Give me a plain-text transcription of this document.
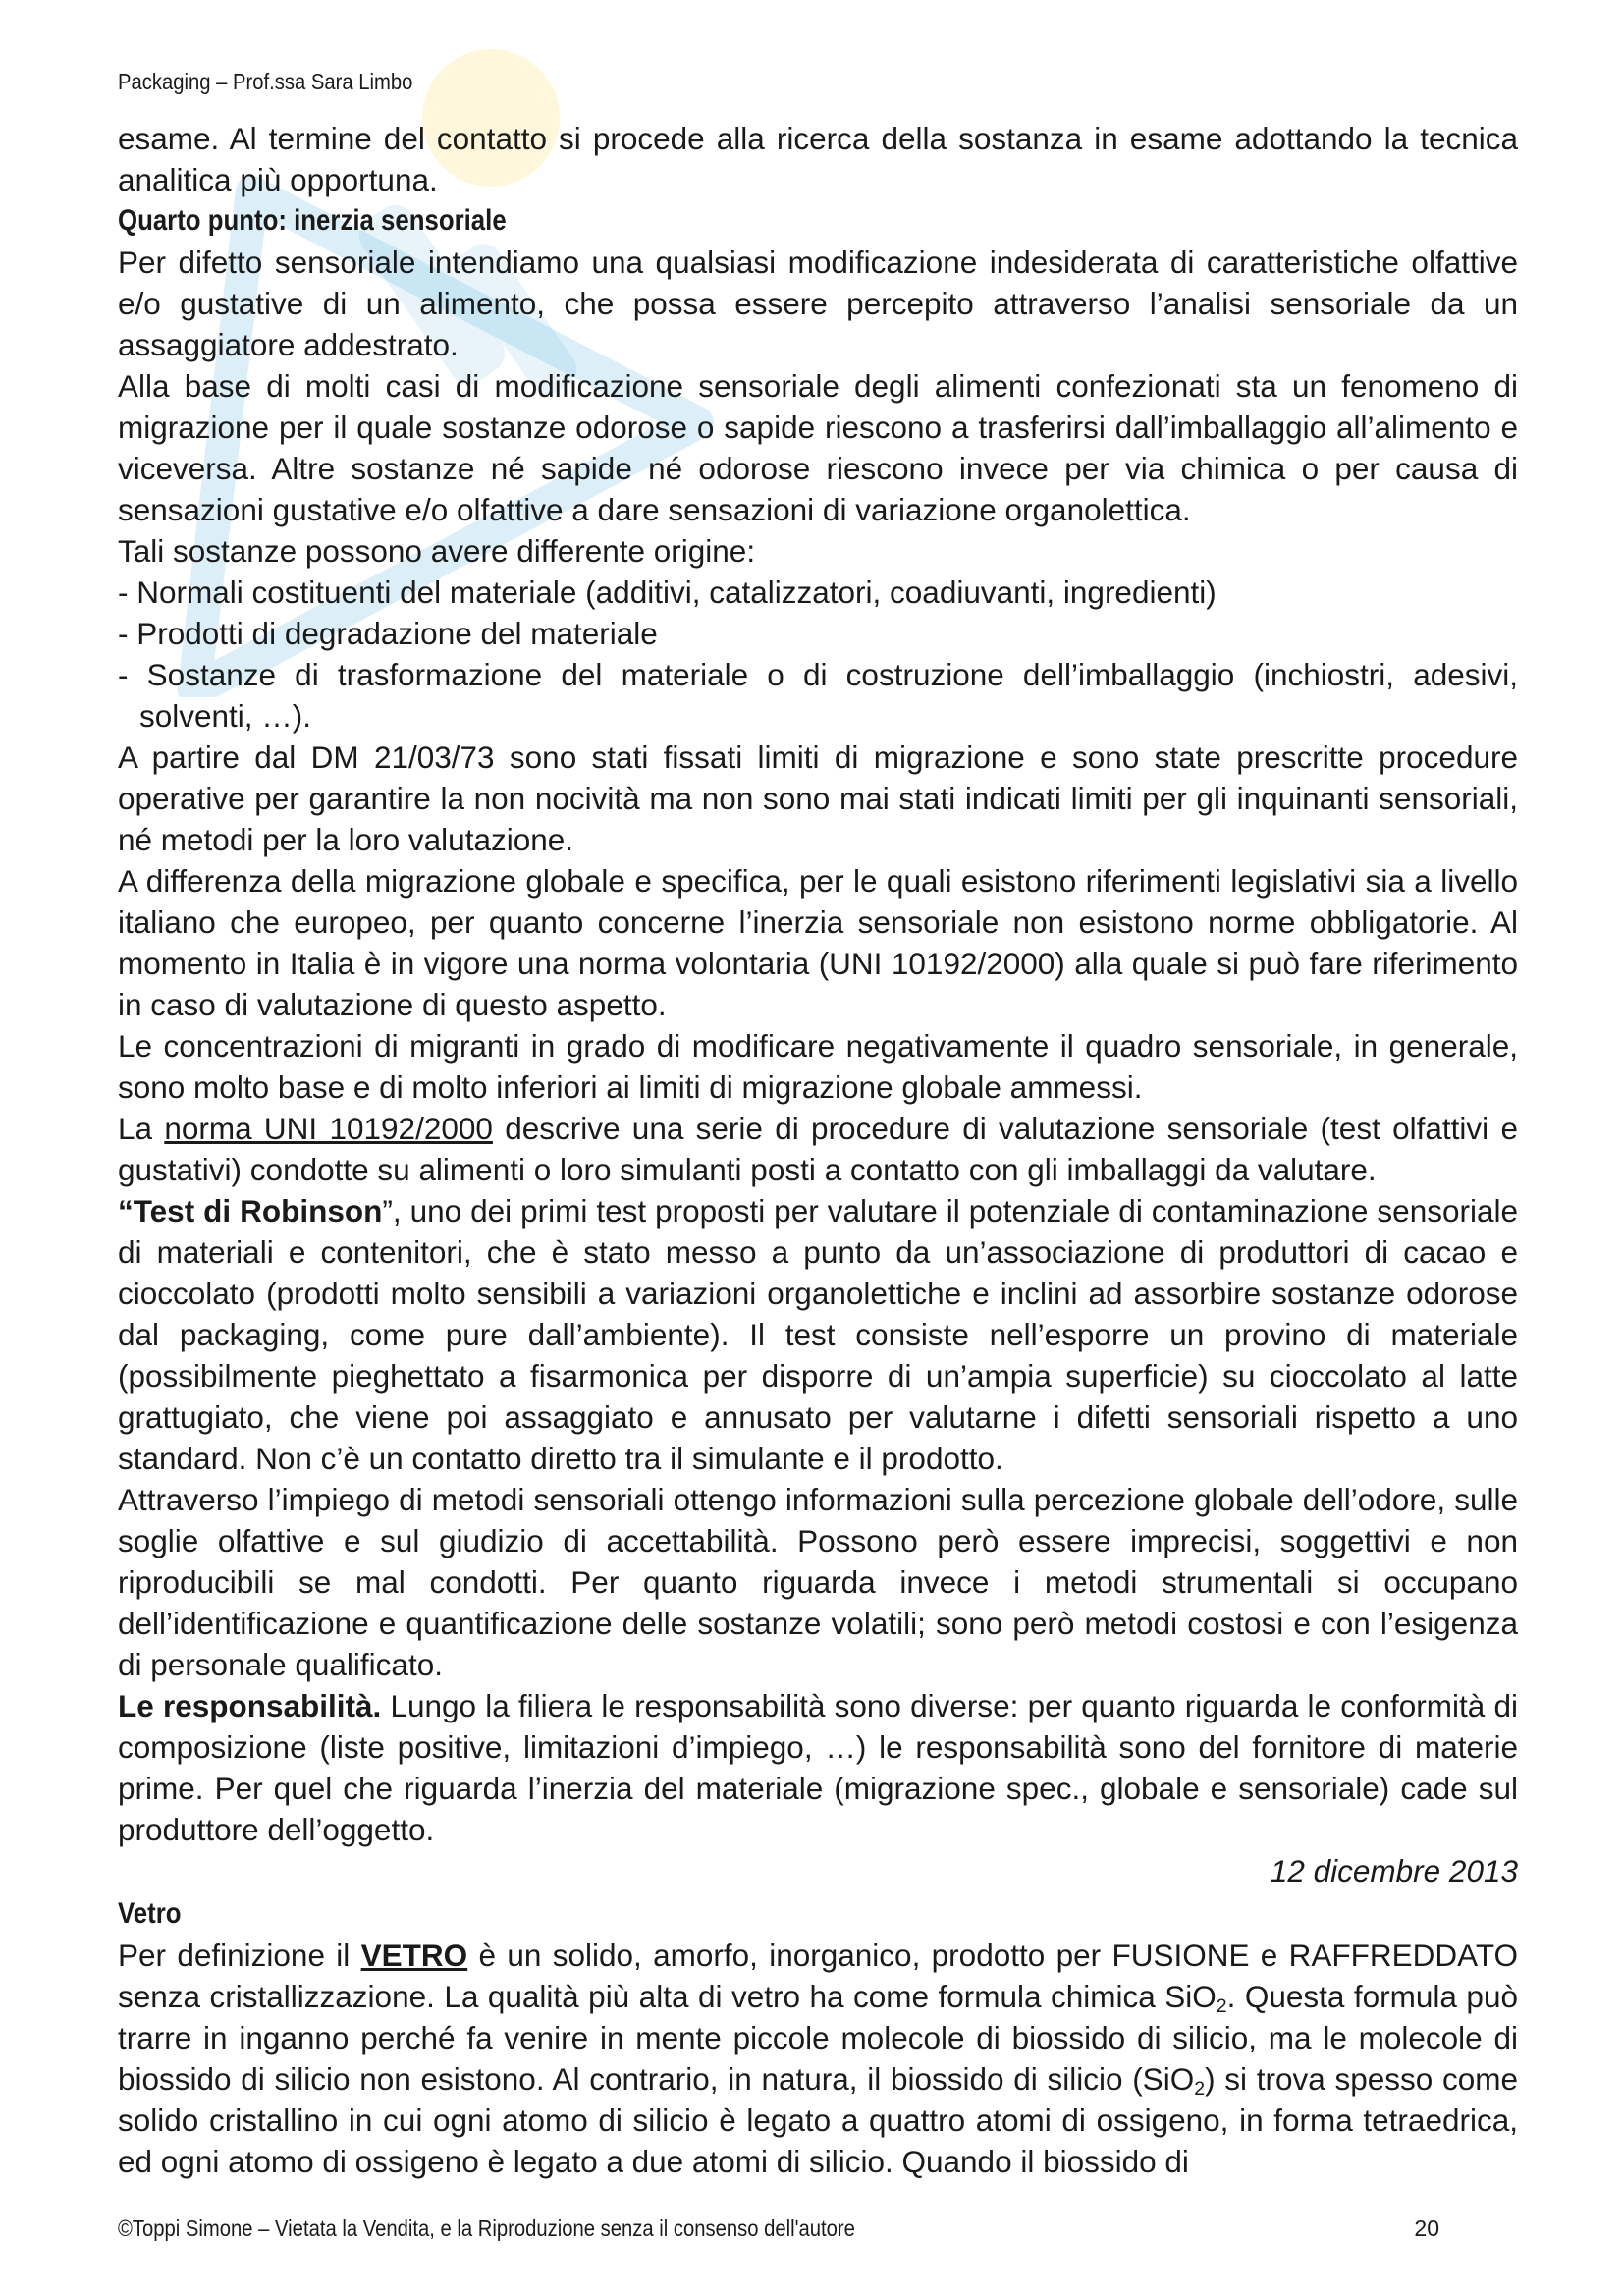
Packaging – Prof.ssa Sara Limbo

esame. Al termine del contatto si procede alla ricerca della sostanza in esame adottando la tecnica analitica più opportuna.

Quarto punto: inerzia sensoriale

Per difetto sensoriale intendiamo una qualsiasi modificazione indesiderata di caratteristiche olfattive e/o gustative di un alimento, che possa essere percepito attraverso l’analisi sensoriale da un assaggiatore addestrato.

Alla base di molti casi di modificazione sensoriale degli alimenti confezionati sta un fenomeno di migrazione per il quale sostanze odorose o sapide riescono a trasferirsi dall’imballaggio all’alimento e viceversa. Altre sostanze né sapide né odorose riescono invece per via chimica o per causa di sensazioni gustative e/o olfattive a dare sensazioni di variazione organolettica.

Tali sostanze possono avere differente origine:

- Normali costituenti del materiale (additivi, catalizzatori, coadiuvanti, ingredienti)

- Prodotti di degradazione del materiale

- Sostanze di trasformazione del materiale o di costruzione dell’imballaggio (inchiostri, adesivi, solventi, …).

A partire dal DM 21/03/73 sono stati fissati limiti di migrazione e sono state prescritte procedure operative per garantire la non nocività ma non sono mai stati indicati limiti per gli inquinanti sensoriali, né metodi per la loro valutazione.

A differenza della migrazione globale e specifica, per le quali esistono riferimenti legislativi sia a livello italiano che europeo, per quanto concerne l’inerzia sensoriale non esistono norme obbligatorie. Al momento in Italia è in vigore una norma volontaria (UNI 10192/2000) alla quale si può fare riferimento in caso di valutazione di questo aspetto.

Le concentrazioni di migranti in grado di modificare negativamente il quadro sensoriale, in generale, sono molto base e di molto inferiori ai limiti di migrazione globale ammessi.

La norma UNI 10192/2000 descrive una serie di procedure di valutazione sensoriale (test olfattivi e gustativi) condotte su alimenti o loro simulanti posti a contatto con gli imballaggi da valutare.

“Test di Robinson”, uno dei primi test proposti per valutare il potenziale di contaminazione sensoriale di materiali e contenitori, che è stato messo a punto da un’associazione di produttori di cacao e cioccolato (prodotti molto sensibili a variazioni organolettiche e inclini ad assorbire sostanze odorose dal packaging, come pure dall’ambiente). Il test consiste nell’esporre un provino di materiale (possibilmente pieghettato a fisarmonica per disporre di un’ampia superficie) su cioccolato al latte grattugiato, che viene poi assaggiato e annusato per valutarne i difetti sensoriali rispetto a uno standard. Non c’è un contatto diretto tra il simulante e il prodotto.

Attraverso l’impiego di metodi sensoriali ottengo informazioni sulla percezione globale dell’odore, sulle soglie olfattive e sul giudizio di accettabilità. Possono però essere imprecisi, soggettivi e non riproducibili se mal condotti. Per quanto riguarda invece i metodi strumentali si occupano dell’identificazione e quantificazione delle sostanze volatili; sono però metodi costosi e con l’esigenza di personale qualificato.

Le responsabilità. Lungo la filiera le responsabilità sono diverse: per quanto riguarda le conformità di composizione (liste positive, limitazioni d’impiego, …) le responsabilità sono del fornitore di materie prime. Per quel che riguarda l’inerzia del materiale (migrazione spec., globale e sensoriale) cade sul produttore dell’oggetto.

12 dicembre 2013

Vetro

Per definizione il VETRO è un solido, amorfo, inorganico, prodotto per FUSIONE e RAFFREDDATO senza cristallizzazione. La qualità più alta di vetro ha come formula chimica SiO$_2$. Questa formula può trarre in inganno perché fa venire in mente piccole molecole di biossido di silicio, ma le molecole di biossido di silicio non esistono. Al contrario, in natura, il biossido di silicio (SiO$_2$) si trova spesso come solido cristallino in cui ogni atomo di silicio è legato a quattro atomi di ossigeno, in forma tetraedrica, ed ogni atomo di ossigeno è legato a due atomi di silicio. Quando il biossido di

©Toppi Simone – Vietata la Vendita, e la Riproduzione senza il consenso dell'autore	20
